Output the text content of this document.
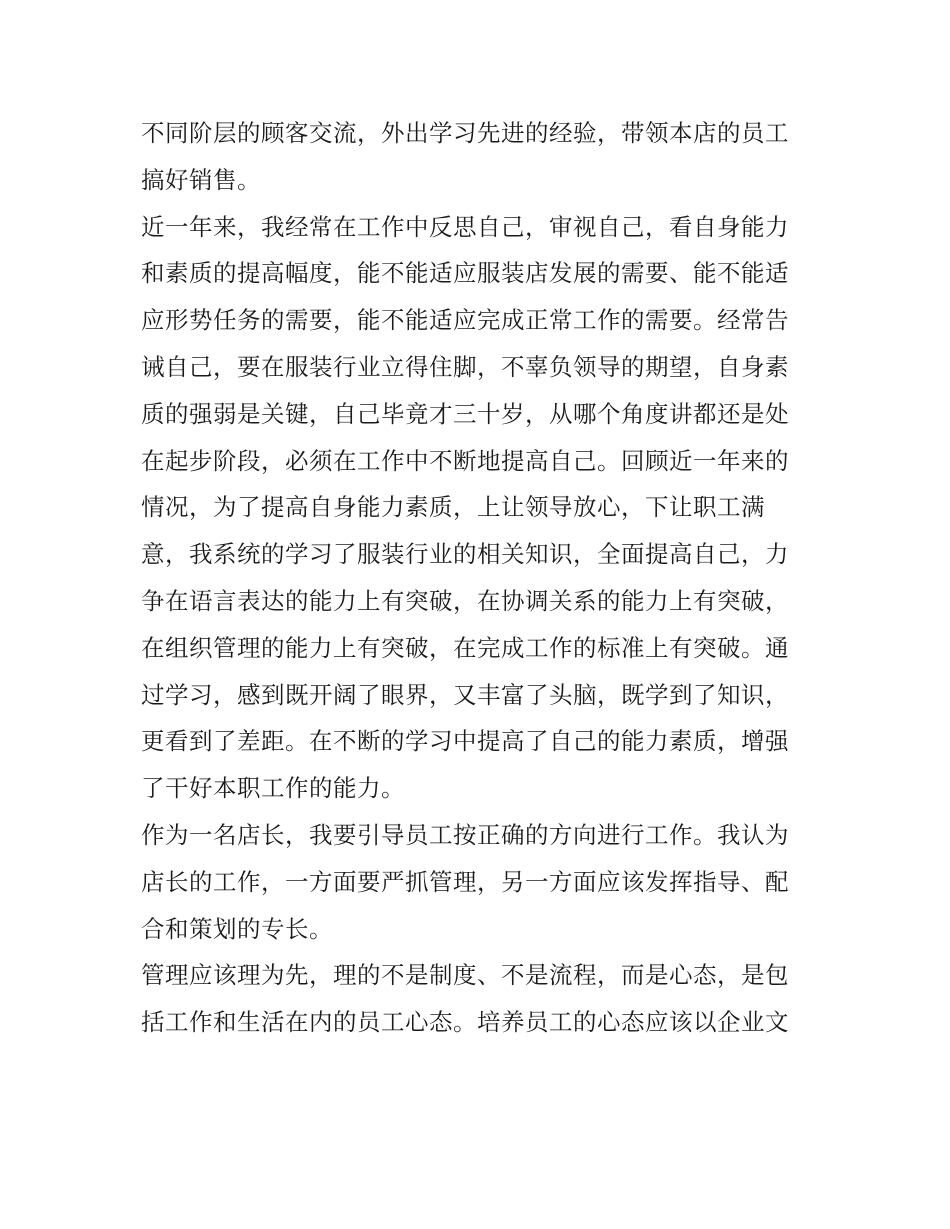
不同阶层的顾客交流，外出学习先进的经验，带领本店的员工
搞好销售。
近一年来，我经常在工作中反思自己，审视自己，看自身能力
和素质的提高幅度，能不能适应服装店发展的需要、能不能适
应形势任务的需要，能不能适应完成正常工作的需要。经常告
诫自己，要在服装行业立得住脚，不辜负领导的期望，自身素
质的强弱是关键，自己毕竟才三十岁，从哪个角度讲都还是处
在起步阶段，必须在工作中不断地提高自己。回顾近一年来的
情况，为了提高自身能力素质，上让领导放心，下让职工满
意，我系统的学习了服装行业的相关知识，全面提高自己，力
争在语言表达的能力上有突破，在协调关系的能力上有突破，
在组织管理的能力上有突破，在完成工作的标准上有突破。通
过学习，感到既开阔了眼界，又丰富了头脑，既学到了知识，
更看到了差距。在不断的学习中提高了自己的能力素质，增强
了干好本职工作的能力。
作为一名店长，我要引导员工按正确的方向进行工作。我认为
店长的工作，一方面要严抓管理，另一方面应该发挥指导、配
合和策划的专长。
管理应该理为先，理的不是制度、不是流程，而是心态，是包
括工作和生活在内的员工心态。培养员工的心态应该以企业文
